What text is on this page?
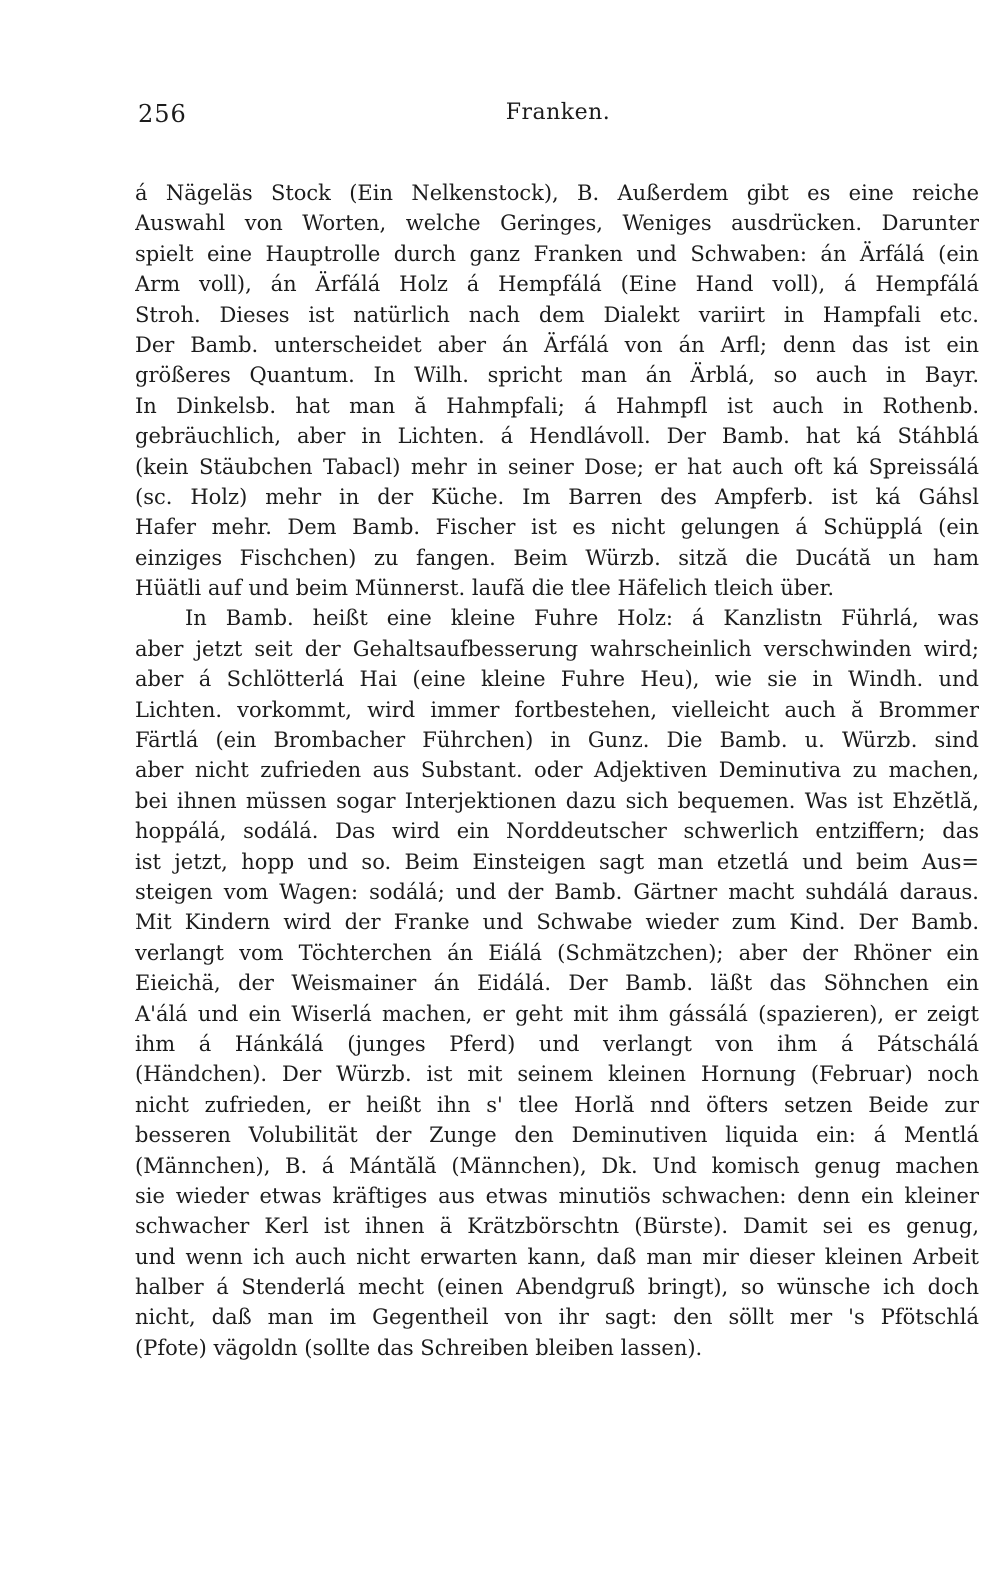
256	Franken.
á Nägeläs Stock (Ein Nelkenstock), B. Außerdem gibt es eine reiche
Auswahl von Worten, welche Geringes, Weniges ausdrücken. Darunter
spielt eine Hauptrolle durch ganz Franken und Schwaben: án Ärfálá (ein
Arm voll), án Ärfálá Holz á Hempfálá (Eine Hand voll), á Hempfálá
Stroh. Dieses ist natürlich nach dem Dialekt variirt in Hampfali etc.
Der Bamb. unterscheidet aber án Ärfálá von án Arfl; denn das ist ein
größeres Quantum. In Wilh. spricht man án Ärblá, so auch in Bayr.
In Dinkelsb. hat man ă Hahmpfali; á Hahmpfl ist auch in Rothenb.
gebräuchlich, aber in Lichten. á Hendlávoll. Der Bamb. hat ká Stáhblá
(kein Stäubchen Tabacl) mehr in seiner Dose; er hat auch oft ká Spreissálá
(sc. Holz) mehr in der Küche. Im Barren des Ampferb. ist ká Gáhsl
Hafer mehr. Dem Bamb. Fischer ist es nicht gelungen á Schüpplá (ein
einziges Fischchen) zu fangen. Beim Würzb. sitză die Ducátă un ham
Hüätli auf und beim Münnerst. laufă die tlee Häfelich tleich über.
In Bamb. heißt eine kleine Fuhre Holz: á Kanzlistn Führlá, was
aber jetzt seit der Gehaltsaufbesserung wahrscheinlich verschwinden wird;
aber á Schlötterlá Hai (eine kleine Fuhre Heu), wie sie in Windh. und
Lichten. vorkommt, wird immer fortbestehen, vielleicht auch ă Brommer
Färtlá (ein Brombacher Führchen) in Gunz. Die Bamb. u. Würzb. sind
aber nicht zufrieden aus Substant. oder Adjektiven Deminutiva zu machen,
bei ihnen müssen sogar Interjektionen dazu sich bequemen. Was ist Ehzĕtlă,
hoppálá, sodálá. Das wird ein Norddeutscher schwerlich entziffern; das
ist jetzt, hopp und so. Beim Einsteigen sagt man etzetlá und beim Aus=
steigen vom Wagen: sodálá; und der Bamb. Gärtner macht suhdálá daraus.
Mit Kindern wird der Franke und Schwabe wieder zum Kind. Der Bamb.
verlangt vom Töchterchen án Eiálá (Schmätzchen); aber der Rhöner ein
Eieichä, der Weismainer án Eidálá. Der Bamb. läßt das Söhnchen ein
A'álá und ein Wiserlá machen, er geht mit ihm gássálá (spazieren), er zeigt
ihm á Hánkálá (junges Pferd) und verlangt von ihm á Pátschálá
(Händchen). Der Würzb. ist mit seinem kleinen Hornung (Februar) noch
nicht zufrieden, er heißt ihn s' tlee Horlă nnd öfters setzen Beide zur
besseren Volubilität der Zunge den Deminutiven liquida ein: á Mentlá
(Männchen), B. á Mántălă (Männchen), Dk. Und komisch genug machen
sie wieder etwas kräftiges aus etwas minutiös schwachen: denn ein kleiner
schwacher Kerl ist ihnen ä Krätzbörschtn (Bürste). Damit sei es genug,
und wenn ich auch nicht erwarten kann, daß man mir dieser kleinen Arbeit
halber á Stenderlá mecht (einen Abendgruß bringt), so wünsche ich doch
nicht, daß man im Gegentheil von ihr sagt: den söllt mer 's Pfötschlá
(Pfote) vägoldn (sollte das Schreiben bleiben lassen).
